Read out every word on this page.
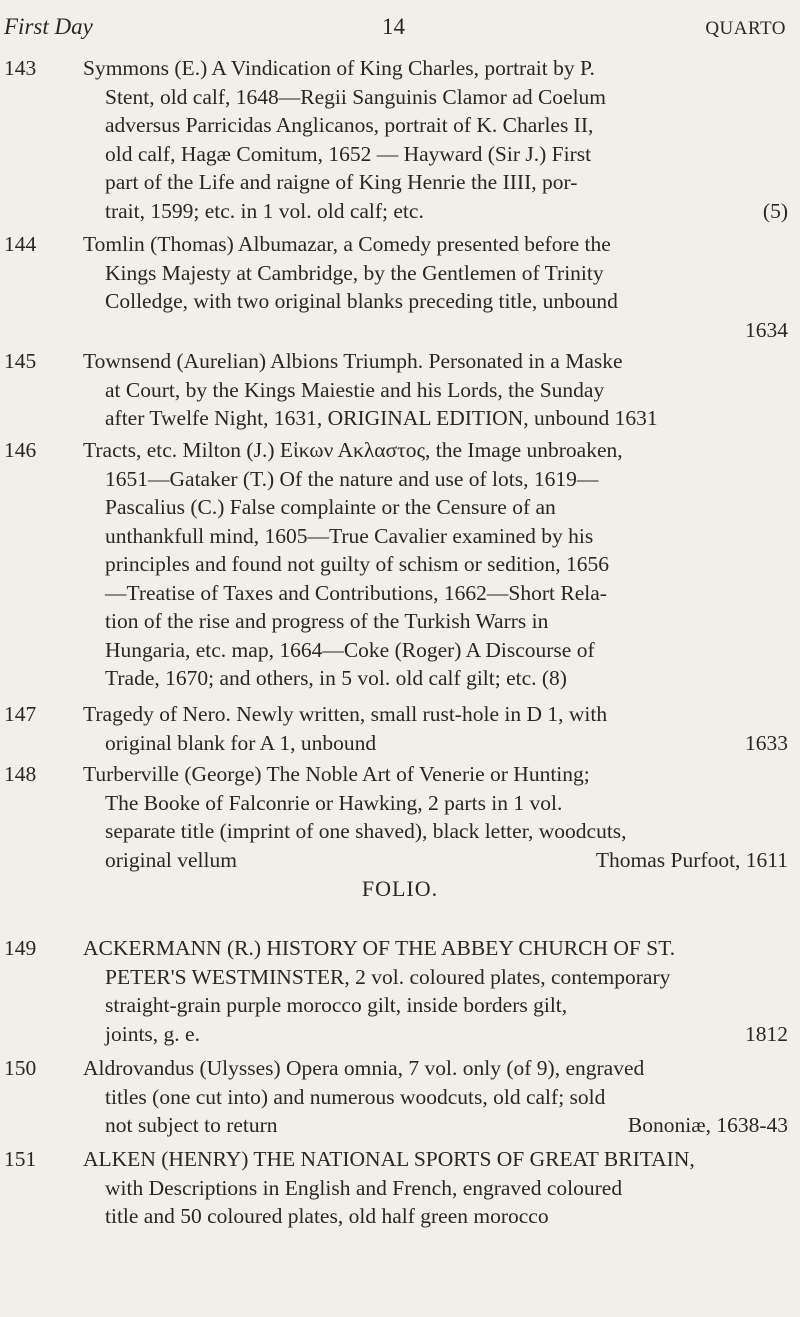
First Day	14	QUARTO
143 Symmons (E.) A Vindication of King Charles, portrait by P.
Stent, old calf, 1648—Regii Sanguinis Clamor ad Coelum
adversus Parricidas Anglicanos, portrait of K. Charles II,
old calf, Hagæ Comitum, 1652 — Hayward (Sir J.) First
part of the Life and raigne of King Henrie the IIII, por-
trait, 1599; etc. in 1 vol. old calf; etc.	(5)
144 Tomlin (Thomas) Albumazar, a Comedy presented before the
Kings Majesty at Cambridge, by the Gentlemen of Trinity
Colledge, with two original blanks preceding title, unbound
1634

145 Townsend (Aurelian) Albions Triumph. Personated in a Maske
at Court, by the Kings Maiestie and his Lords, the Sunday
after Twelfe Night, 1631, ORIGINAL EDITION, unbound 1631
146 Tracts, etc. Milton (J.) Εἰκων Ακλαστος, the Image unbroaken,
1651—Gataker (T.) Of the nature and use of lots, 1619—
Pascalius (C.) False complainte or the Censure of an
unthankfull mind, 1605—True Cavalier examined by his
principles and found not guilty of schism or sedition, 1656
—Treatise of Taxes and Contributions, 1662—Short Rela-
tion of the rise and progress of the Turkish Warrs in
Hungaria, etc. map, 1664—Coke (Roger) A Discourse of
Trade, 1670; and others, in 5 vol. old calf gilt; etc. (8)
147 Tragedy of Nero. Newly written, small rust-hole in D 1, with
original blank for A 1, unbound	1633
148 Turberville (George) The Noble Art of Venerie or Hunting;
The Booke of Falconrie or Hawking, 2 parts in 1 vol.
separate title (imprint of one shaved), black letter, woodcuts,
original vellum	Thomas Purfoot, 1611
FOLIO.
149 ACKERMANN (R.) HISTORY OF THE ABBEY CHURCH OF ST.
PETER'S WESTMINSTER, 2 vol. coloured plates, contemporary
straight-grain purple morocco gilt, inside borders gilt,
joints, g. e.	1812
150 Aldrovandus (Ulysses) Opera omnia, 7 vol. only (of 9), engraved
titles (one cut into) and numerous woodcuts, old calf; sold
not subject to return	Bononiæ, 1638-43
151 ALKEN (HENRY) THE NATIONAL SPORTS OF GREAT BRITAIN,
with Descriptions in English and French, engraved coloured
title and 50 coloured plates, old half green morocco
